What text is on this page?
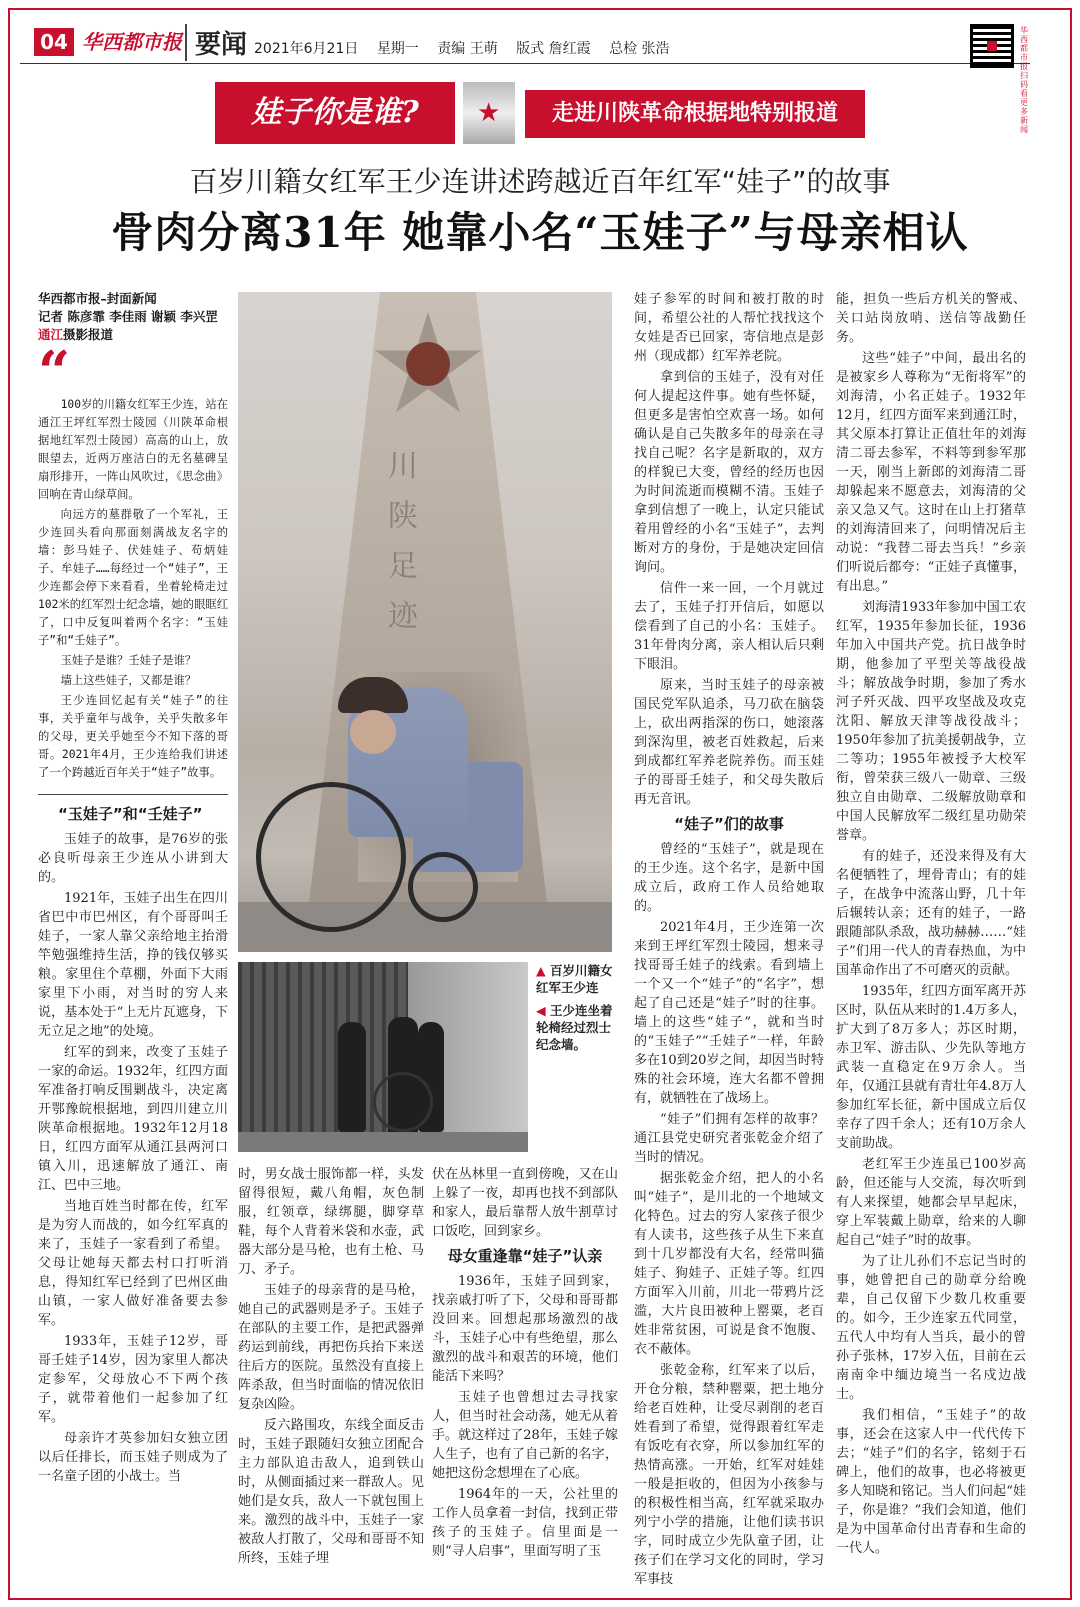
04 华西都市报 要闻 2021年6月21日 星期一 责编 王萌 版式 詹红霞 总检 张浩
华西都市报 扫码看更多新闻
娃子你是谁?	★	走进川陕革命根据地特别报道
百岁川籍女红军王少连讲述跨越近百年红军“娃子”的故事
骨肉分离31年 她靠小名“玉娃子”与母亲相认
华西都市报–封面新闻
记者 陈彦霏 李佳雨 谢颖 李兴罡
通江摄影报道
“

100岁的川籍女红军王少连，站在通江王坪红军烈士陵园（川陕革命根据地红军烈士陵园）高高的山上，放眼望去，近两万座洁白的无名墓碑呈扇形排开，一阵山风吹过，《思念曲》回响在青山绿草间。

向远方的墓群敬了一个军礼，王少连回头看向那面刻满战友名字的墙：彭马娃子、伏娃娃子、苟炳娃子、牟娃子……每经过一个“娃子”，王少连都会停下来看看，坐着轮椅走过102米的红军烈士纪念墙，她的眼眶红了，口中反复叫着两个名字：“玉娃子”和“壬娃子”。

玉娃子是谁？壬娃子是谁？

墙上这些娃子，又都是谁？

王少连回忆起有关“娃子”的往事，关乎童年与战争，关乎失散多年的父母，更关乎她至今不知下落的哥哥。2021年4月，王少连给我们讲述了一个跨越近百年关于“娃子”故事。

“玉娃子”和“壬娃子”

玉娃子的故事，是76岁的张必良听母亲王少连从小讲到大的。

1921年，玉娃子出生在四川省巴中市巴州区，有个哥哥叫壬娃子，一家人靠父亲给地主抬滑竿勉强维持生活，挣的钱仅够买粮。家里住个草棚，外面下大雨家里下小雨，对当时的穷人来说，基本处于“上无片瓦遮身，下无立足之地”的处境。

红军的到来，改变了玉娃子一家的命运。1932年，红四方面军准备打响反围剿战斗，决定离开鄂豫皖根据地，到四川建立川陕革命根据地。1932年12月18日，红四方面军从通江县两河口镇入川，迅速解放了通江、南江、巴中三地。

当地百姓当时都在传，红军是为穷人而战的，如今红军真的来了，玉娃子一家看到了希望。父母让她每天都去村口打听消息，得知红军已经到了巴州区曲山镇，一家人做好准备要去参军。

1933年，玉娃子12岁，哥哥壬娃子14岁，因为家里人都决定参军，父母放心不下两个孩子，就带着他们一起参加了红军。

母亲许才英参加妇女独立团以后任排长，而玉娃子则成为了一名童子团的小战士。当

川陕足迹
▲ 百岁川籍女红军王少连
◀ 王少连坐着轮椅经过烈士纪念墙。

时，男女战士服饰都一样，头发留得很短，戴八角帽，灰色制服，红领章，绿绑腿，脚穿草鞋，每个人背着米袋和水壶，武器大部分是马枪，也有土枪、马刀、矛子。

玉娃子的母亲背的是马枪，她自己的武器则是矛子。玉娃子在部队的主要工作，是把武器弹药运到前线，再把伤兵抬下来送往后方的医院。虽然没有直接上阵杀敌，但当时面临的情况依旧复杂凶险。

反六路围攻，东线全面反击时，玉娃子跟随妇女独立团配合主力部队追击敌人，追到铁山时，从侧面插过来一群敌人。见她们是女兵，敌人一下就包围上来。激烈的战斗中，玉娃子一家被敌人打散了，父母和哥哥不知所终，玉娃子埋

伏在丛林里一直到傍晚，又在山上躲了一夜，却再也找不到部队和家人，最后靠帮人放牛割草讨口饭吃，回到家乡。

母女重逢靠“娃子”认亲

1936年，玉娃子回到家，找亲戚打听了下，父母和哥哥都没回来。回想起那场激烈的战斗，玉娃子心中有些绝望，那么激烈的战斗和艰苦的环境，他们能活下来吗？

玉娃子也曾想过去寻找家人，但当时社会动荡，她无从着手。就这样过了28年，玉娃子嫁人生子，也有了自己新的名字，她把这份念想埋在了心底。

1964年的一天，公社里的工作人员拿着一封信，找到正带孩子的玉娃子。信里面是一则“寻人启事”，里面写明了玉

娃子参军的时间和被打散的时间，希望公社的人帮忙找找这个女娃是否已回家，寄信地点是彭州（现成都）红军养老院。

拿到信的玉娃子，没有对任何人提起这件事。她有些怀疑，但更多是害怕空欢喜一场。如何确认是自己失散多年的母亲在寻找自己呢？名字是新取的，双方的样貌已大变，曾经的经历也因为时间流逝而模糊不清。玉娃子拿到信想了一晚上，认定只能试着用曾经的小名“玉娃子”，去判断对方的身份，于是她决定回信询问。

信件一来一回，一个月就过去了，玉娃子打开信后，如愿以偿看到了自己的小名：玉娃子。31年骨肉分离，亲人相认后只剩下眼泪。

原来，当时玉娃子的母亲被国民党军队追杀，马刀砍在脑袋上，砍出两指深的伤口，她滚落到深沟里，被老百姓救起，后来到成都红军养老院养伤。而玉娃子的哥哥壬娃子，和父母失散后再无音讯。

“娃子”们的故事

曾经的“玉娃子”，就是现在的王少连。这个名字，是新中国成立后，政府工作人员给她取的。

2021年4月，王少连第一次来到王坪红军烈士陵园，想来寻找哥哥壬娃子的线索。看到墙上一个又一个“娃子”的“名字”，想起了自己还是“娃子”时的往事。墙上的这些“娃子”，就和当时的“玉娃子”“壬娃子”一样，年龄多在10到20岁之间，却因当时特殊的社会环境，连大名都不曾拥有，就牺牲在了战场上。

“娃子”们拥有怎样的故事？通江县党史研究者张乾金介绍了当时的情况。

据张乾金介绍，把人的小名叫“娃子”，是川北的一个地域文化特色。过去的穷人家孩子很少有人读书，这些孩子从生下来直到十几岁都没有大名，经常叫猫娃子、狗娃子、正娃子等。红四方面军入川前，川北一带鸦片泛滥，大片良田被种上罂粟，老百姓非常贫困，可说是食不饱腹、衣不蔽体。

张乾金称，红军来了以后，开仓分粮，禁种罂粟，把土地分给老百姓种，让受尽剥削的老百姓看到了希望，觉得跟着红军走有饭吃有衣穿，所以参加红军的热情高涨。一开始，红军对娃娃一般是拒收的，但因为小孩参与的积极性相当高，红军就采取办列宁小学的措施，让他们读书识字，同时成立少先队童子团，让孩子们在学习文化的同时，学习军事技

能，担负一些后方机关的警戒、关口站岗放哨、送信等战勤任务。

这些“娃子”中间，最出名的是被家乡人尊称为“无衔将军”的刘海清，小名正娃子。1932年12月，红四方面军来到通江时，其父原本打算让正值壮年的刘海清二哥去参军，不料等到参军那一天，刚当上新郎的刘海清二哥却躲起来不愿意去，刘海清的父亲又急又气。这时在山上打猪草的刘海清回来了，问明情况后主动说：“我替二哥去当兵！”乡亲们听说后都夸：“正娃子真懂事，有出息。”

刘海清1933年参加中国工农红军，1935年参加长征，1936年加入中国共产党。抗日战争时期，他参加了平型关等战役战斗；解放战争时期，参加了秀水河子歼灭战、四平攻坚战及攻克沈阳、解放天津等战役战斗；1950年参加了抗美援朝战争，立二等功；1955年被授予大校军衔，曾荣获三级八一勋章、三级独立自由勋章、二级解放勋章和中国人民解放军二级红星功勋荣誉章。

有的娃子，还没来得及有大名便牺牲了，埋骨青山；有的娃子，在战争中流落山野，几十年后辗转认亲；还有的娃子，一路跟随部队杀敌，战功赫赫……“娃子”们用一代人的青春热血，为中国革命作出了不可磨灭的贡献。

1935年，红四方面军离开苏区时，队伍从来时的1.4万多人，扩大到了8万多人；苏区时期，赤卫军、游击队、少先队等地方武装一直稳定在9万余人。当年，仅通江县就有青壮年4.8万人参加红军长征，新中国成立后仅幸存了四千余人；还有10万余人支前助战。

老红军王少连虽已100岁高龄，但还能与人交流，每次听到有人来探望，她都会早早起床，穿上军装戴上勋章，给来的人聊起自己“娃子”时的故事。

为了让儿孙们不忘记当时的事，她曾把自己的勋章分给晚辈，自己仅留下少数几枚重要的。如今，王少连家五代同堂，五代人中均有人当兵，最小的曾孙子张林，17岁入伍，目前在云南南伞中缅边境当一名戍边战士。

我们相信，“玉娃子”的故事，还会在这家人中一代代传下去；“娃子”们的名字，铭刻于石碑上，他们的故事，也必将被更多人知晓和铭记。当人们问起“娃子，你是谁？”我们会知道，他们是为中国革命付出青春和生命的一代人。
